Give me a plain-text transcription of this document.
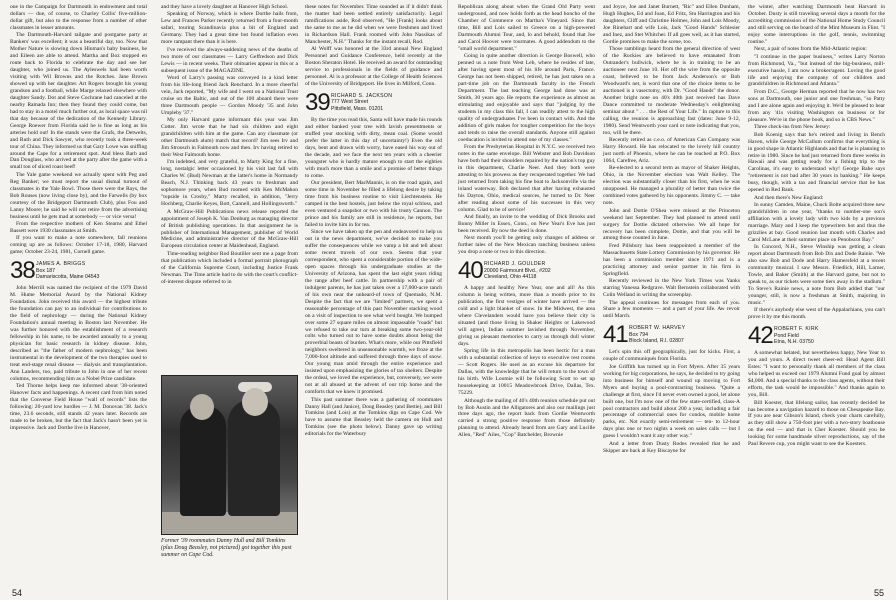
one in the Campaign for Dartmouth in endowment and total dollars — due, of course, to Charley Collis' five-million-dollar gift, but also to the response from a number of other classmates in lesser amounts.

The Dartmouth-Harvard tailgate and postgame party at Bankers' was excellent; it was a beautiful day, too. Now that Mother Nature is slowing down Hinman's baby business, he and Eileen are able to attend. Martha and Boz stopped en route back to Florida to celebrate the day and see her daughter, who joined us. The Ayleswels had been worth visiting with Wil Browns and the Rotches. Jane Brown showed up with her daughter. Art Rogers brought his young grandson and a football, while Marge relaxed elsewhere with daughter Sandy. Dot and Steve Cochrane had canceled at the nearby Ramada Inn; then they found they could come, but had to stay in a motel much further out, as local space was nil that day because of the dedication of the Kennedy Library. George Roewer from Florida said he is fine as long as his arteries hold out! In the stands were the Grafs, the Detwelts, and Ruth and Dick Sawyer, who recently took a three-week tour of China. They informed us that Gary Lowe was sniffing around the Cape for a retirement spot. And bless Barb and Dan Douglass, who arrived at the party after the game with a small ton of sliced roast beef!

The Yale game weekend we actually spent with Peg and Reg Banker; we must report the usual dismal turnout of classmates in the Yale Bowl. Those there were the Rays, the Bob Rouses (now living close by), and the Farwells (by box courtesy of the Bridgeport Dartmouth Club), plus Fou and Lanny Moore; he said he will not retire from the advertising business until he gets mad at somebody — or vice versa!

From the respective mothers of Ken Stearns and Ethel Bassett were 1930 classmates at Smith.

If you want to make a note somewhere, fall reunions coming up are as follows: October 17-18, 1980, Harvard game; October 23-24, 1981, Cornell game.

38 JAMES A. BRIGGS
Box 187
Damariscotta, Maine 04543

John Merrill was named the recipient of the 1979 David M. Hume Memorial Award by the National Kidney Foundation. John received this award — the highest tribute the foundation can pay to an individual for contributions to the field of nephrology — during the National Kidney Foundation's annual meeting in Boston last November. He was further honored with the establishment of a research fellowship in his name, to be awarded annually to a young physician for basic research in kidney disease. John, described as "the father of modern nephrology," has been instrumental in the development of the two therapies used to treat end-stage renal disease — dialysis and transplantation. Ann Landers, too, paid tribute to John in one of her recent columns, recommending him as a Nobel Prize candidate.

Ted Thorne helps keep me informed about '38-oriented Hanover facts and happenings. A recent card from him noted that the Converse Field House "wall of records" lists the following: 20-yard low hurdles — J. M. Donovan '38. Jack's time, 23.6 seconds, still stands 42 years later. Records are made to be broken, but the fact that Jack's hasn't been yet is impressive. Jack and Dorthe live in Hanover,

and they have a lovely daughter at Hanover High School.

Speaking of Norway, which is where Dorthe hails from, Lew and Frances Parker recently returned from a four-month safari, touring Scandinavia plus a bit of England and Germany. They had a great time but found inflation even more rampant there than it is here.

I've received the always-saddening news of the deaths of two more of our classmates — Larry Geffredson and Dick Lewis — in recent weeks. Their obituaries appear in this or a subsequent issue of the MAGAZINE.

Word of Larry's passing was conveyed in a kind letter from his life-long friend Jack Renchard. In a more cheerful vein, Jack reported, "My wife and I went on a National Trust cruise on the Baltic, and out of the 100 aboard there were three Dartmouth people — Gordon Moody '35 and John Umpleby '37."

My only Harvard game informant this year was Jim Cotter. Jim wrote that he had six children and eight grandchildren with him at the game. Can any classmate (or other Dartmouth alum) match that record? Jim sees Irv and Jim Stroosch in Falmouth now and then. Irv having retired to their West Falmouth home.

I'm indebted, and very grateful, to Marty King for a fine, long, nostalgic letter occasioned by his visit last fall with Charles W. (Bud) Newman at the latter's home in Normandy Beach, N.J. Thinking back 43 years to freshman and sophomore years, when Bud roomed with Ken McMahon "topside in Crosby," Marty recalled, in addition, "Jerry Hochberg, Charlie Keyes, Bott, Cannell, and Hollingsworth."

A McGraw-Hill Publications news release reported the appointment of Joseph K. Van Denburg as managing director of British publishing operations. In that assignment he is publisher of International Management, publisher of World Medicine, and administrative director of the McGraw-Hill European circulation center at Maidenhead, England.

Time-reading neighbor Rod Boutiller sent me a page from that publication which included a formal portrait photograph of the California Supreme Court, including Justice Frank Newman. The Time article had to do with the court's conflict-of-interest dispute referred to in

Former '39 roommates Danny Hull and Bill Tomkins (plus Doug Beasley, not pictured) got together this past summer on Cape Cod.

these notes for November. Time sounded as if it didn't think the matter had been settled entirely satisfactorily. Legal ramifications aside, Rod observed, "He [Frank] looks about the same to me as he did when we were freshmen and lived in Richardson Hall. Frank roomed with John Nassikas of Manchester, N.H." Thanks for the instant recall, Rod.

Al Wolff was honored at the 33rd annual New England Personnel and Guidance Conference, held recently at the Boston Sheraton Hotel. He received an award for outstanding service to professionals in the fields of guidance and personnel. Al is a professor at the College of Health Sciences of the University of Bridgeport. He lives in Milford, Conn.

39 RICHARD S. JACKSON
777 West Street
Pittsfield, Mass. 01201

By the time you read this, Santa will have made his rounds and either banked your tree with lavish presentments or stuffed your stocking with dirty, mean coal. (Some would prefer the latter in this day of uncertainty!) Even the old days, bent and drawn with worry, have eased his way out of the decade, and we face the next ten years with a cheerier youngster who is hardly mature enough to start the eighties with much more than a smile and a promise of better things to come.

Our president, Bert MacMannis, is on the road again, and some time in November he filled a lifelong desire by taking time from his business routine to visit Liechtenstein. He camped in the best hostels, just below the royal schloss, and even ventured a snapshot or two with his trusty Cannon. The prince and his family are still in residence, he reports, but failed to invite him in for tea.

Since we have taken up the pen and endeavored to help us out in the news department, we've decided to make you suffer the consequences while we vamp a bit and tell about some recent travels of our own. Seems that your correspondent, who spent a considerable portion of the wide-open spaces through his undergraduate studies at the University of Arizona, has spent the last eight years riding the range after beef cattle. In partnership with a pair of indulgent parents, he has just taken over a 17,000-acre ranch of his own near the unheard-of town of Quemado, N.M. Despite the fact that we are "limited" partners, we spent a reasonable percentage of this past November stacking wood on a visit of inspection to see what we'd bought. We bumped over some 27 square miles on almost impassable "roads" but we refused to take our turn at breaking some two-year-old colts who turned out to have some doubts about being the proverbial beasts of burden. What's more, while our Pittsfield neighbors sweltered in unseasonable warmth, we froze at the 7,000-foot altitude and suffered through three days of snow. Our young man amid through the entire experience and insisted upon emphasizing the glories of tax shelters. Despite the ordeal, we loved the experience, but, conversely, we were not at all abused at the advent of our trip home and the comforts that we knew it promised.

This past summer there was a gathering of roommates Danny Hall (and Janice), Doug Beasley (and Bettie), and Bill Tomkins (and Lois) at the Tomkins digs on Cape Cod. We have to assume that Beasley held the camera on Hull and Tomkins (see the photo below). Danny gave up writing editorials for the Waterbury

54

Republican along about when the Grand Old Party went underground, and now holds forth as the head honcho of the Chamber of Commerce on Martha's Vineyard. Since that time, Bill and Lois sailed to Greece on a high-powered Dartmouth Alumni Tour, and, lo and behold, found that Joe and Carol Hoover were tourmates. A good addendum to the "small world department."

Going in quite another direction is George Boswell, who penned us a note from West Leb, where he resides of late, after having spent most of his life around Paris, France. George has not been shipped, retired, he has just taken on a part-time job on the Dartmouth faculty in the French Department. The last teaching George had done was at Smith, 30 years ago. He reports the experience as almost as stimulating and enjoyable and says that "judging by the students in my class this fall, I can readily attest to the high quality of undergraduates I've been in contact with. And the addition of girls makes for tougher competition for the boys and tends to raise the overall standards. Anyone still against coeducation is invited to attend one of my classes."

From the Presbyterian Hospital in N.Y.C. we received two notes in the same envelope. Bill Webster and Bob Davidson have both had their shoulders repaired by the nation's top guy in this department, Charlie Neer. And they both were attesting to his prowess as they recuperated together. We had just returned from taking his fine boat to Jacksonville via the inland waterway. Bob declared that after having exhausted his Dayton, Ohio, medical sources, he turned to Dr. Neer after reading about some of his successes in this very column. Glad to be of service!

And finally, an invite to the wedding of Dick Brooks and Bunny Miller in Essex, Conn., on New Year's Eve has just been received. By now the deed is done.

Next month you'll be getting only changes of address or further tales of the New Mexican ranching business unless you drop a note or two in this direction.

40 RICHARD J. GOULDER
20000 Fairmount Blvd., #202
Cleveland, Ohio 44118

A happy and healthy New Year, one and all! As this column is being written, more than a month prior to its publication, the first vestiges of winter have arrived — the cold and a light blanket of snow. In the Midwest, the area where Clevelanders would have you believe their city is situated (and those living in Shaker Heights or Lakewood will agree), Indian summer lavished through November, giving us pleasant memories to carry us through dull winter days.

Spring life in this metropolis has been hectic for a man with a substantial collection of keys to executive rest rooms — Scott Rogers. He used as an excuse his departure for Dallas, with the knowledge that he will return to the town of his birth. Wife Loomie will be following Scott to set up housekeeping at 10015 Meadowbrook Drive, Dallas, Tex. 75229.

Although the mailing of 40's 40th reunion schedule put out by Bob Austin and the Alligatores and also our mailings just three days ago, the report back from Gordie Wentworth carried a strong positive response from those definitely planning to attend. Already heard from are Gary and Lucille Allen, "Red" Ailes, "Cop" Batchelder, Brownie

and Joyce, Joe and Janet Burnett, "Ric" and Ellen Dunham, Hugh Hughes, Ed and Joan, Ed Fritz, Stu Harrington and his daughters, Cliff and Christine Holmes, John and Lois Moody, Joe Rinehart and wife Lois, Jack "Good Hands" Schlesier and Inez, and Stet Whitcher. If all goes well, as it has started, Gordie promises to make the scene, too.

Those ramblings heard from the general direction of west of the Rockies are believed to have emanated from Outrander's bullwick, where he is in training to be an auctioneer next June 10. Hot off the wire from the opposite coast, believed to be from Jack Anderson's or Bob Woodward's net, is word that one of the choice items to be auctioned is a vasectomy, with Dr. "Good Hands" the donor. Another bright note on 40's 40th just received has Dave Dance committed to moderate Wednesday's enlightening seminar about " . . . the Rest of Your Life." In rapture to this calling, the reunion is approaching fast (dates: June 9-12, 1980). Send Wentworth your card or note indicating that you, too, will be there.

Recently retired as c.e.o. of American Can Company was Harry Howard. He has relocated to the lovely hill country just north of Phoenix, where he can be reached at P.O. Box 1064, Carefree, Ariz.

Re-elected to a second term as mayor of Shaker Heights, Ohio, in the November election was Walt Kelley. The election was substantially closer than his first, when he was unopposed. He managed a plurality of better than twice the combined votes gathered by his opponents. Jimmy C. — take note.

John and Dottie O'Shea were missed at the Princeton weekend last September. They had planned to attend until surgery for Dottie dictated otherwise. We all hope for recovery has been complete, Dottie, and that you will be among those counted in June.

Fred Pillsbury has been reappointed a member of the Massachusetts State Lottery Commission by his governor. He has been a commission member since 1971 and is a practicing attorney and senior partner in his firm in Springfield.

Recently reviewed in the New York Times was Yanks starring Vanessa Redgrave. Walt Bernstein collaborated with Colin Welland in writing the screenplay.

The appeal continues for messages from each of you. Share a few moments — and a part of your life. Aw revoir until March.

41 ROBERT W. HARVEY
Box 794
Block Island, R.I. 02807

Let's spin this off geographically, just for kicks. First, a couple of communiqués from Florida.

Joe Griffith has turned up in Fort Myers. After 35 years working for big corporations, he says, he decided to try going into business for himself and wound up moving to Fort Myers and buying a pool-contracting business. "Quite a challenge at first, since I'd never even owned a pool, let alone built one, but I'm now one of the few state-certified, class-A pool contractors and build about 200 a year, including a fair percentage of commercial ones for condos, mobile home parks, etc. Not exactly semi-retirement — ten- to 12-hour days plus one or two nights a week on sales calls — but I guess I wouldn't want it any other way."

And a letter from Dusty Rodes revealed that he and Skipper are back at Key Biscayne for

the winter, after watching Dartmouth beat Harvard in October. Dusty is still traveling several days a month for the accrediting commission of the National Home Study Council and still serving on the board of the Mint Museum in Flint. "I enjoy some interruptions in the golf, tennis, swimming routine."

Next, a pair of notes from the Mid-Atlantic region:

"I continue in the paper business," writes Larry Norton from Richmond, Va., "but instead of the big-business, mill-executive hassle, I am now a broker/agent. Loving the good life and enjoying the company of our children and grandchildren in Richmond and Atlanta."

From D.C., George Herman reported that he now has two sons at Dartmouth, one junior and one freshman, "so Patty and I are alone again and enjoying it. We'd be pleased to hear from any '41s visiting Washington on business or for pleasure. We're in the phone book, and so is CBS News."

Three check-ins from New Jersey:

Bob Koenig says that he's retired and living in Bench Haven, while George McCallum confirms that everything is in good shape in Atlantic Highlands and that he is planning to retire in 1980. Since he had just returned from three weeks in Hawaii and was getting ready for a fishing trip to the Carolinas, it's easy to understand why! George Bahe says "retirement is not bad after 30 years in banking." He keeps busy, though, with a tax and financial service that he has opened in Red Bank.

And then there's New England:

In sunny Camden, Maine, Chuck Bolte acquired three new grandchildren in one year, "thanks to number-one son's affiliation with a lovely lady with two kids by a previous marriage. Mary and I keep the typewriters hot and thus the grizzlies at bay. Good reunion last month with Charles and Carol McLane at their summer place on Penobscot Bay."

In Concord, N.H., Steve Winship was getting a clean report about Dartmouth from Bob Dix and Dode Rainie. "We also saw Bob and Dode and Harry Hamersfeld at a recent community musical. I saw Messrs. Friedlich, Hill, Larner, Towle, and Baker (Smith) at the Harvard game, but not to speak to, as our tickets were some tiers away in the stadium." To Steve's Rainie news, a note from Bob added that "our younger, still, is now a freshman at Smith, majoring in music."

If there's anybody else west of the Appalachians, you can't prove it by me this month.

42 ROBERT F. KIRK
Pond Field
Etna, N.H. 03750

A somewhat belated, but nevertheless happy, New Year to you and yours. A direct tweet cheer-ed: Head Agent Bill Estes: "I want to personally thank all members of the class who helped us exceed our 1979 Alumni Fund goal by almost $4,000. And a special thanks to the class agents, without their efforts, the task would be impossible." And thanks again to you, Bill.

Bill Koester, that lifelong sailor, has recently decided he has become a navigation hazard to those on Chesapeake Bay. If you are near Gibson's Island, check your charts carefully, as they still show a 750-foot pier with a two-story boathouse on the end — and that is Cher Koester. Should you be looking for some handmade silver reproductions, say of the Paul Revere cup, you might want to see the Koesters.

55
